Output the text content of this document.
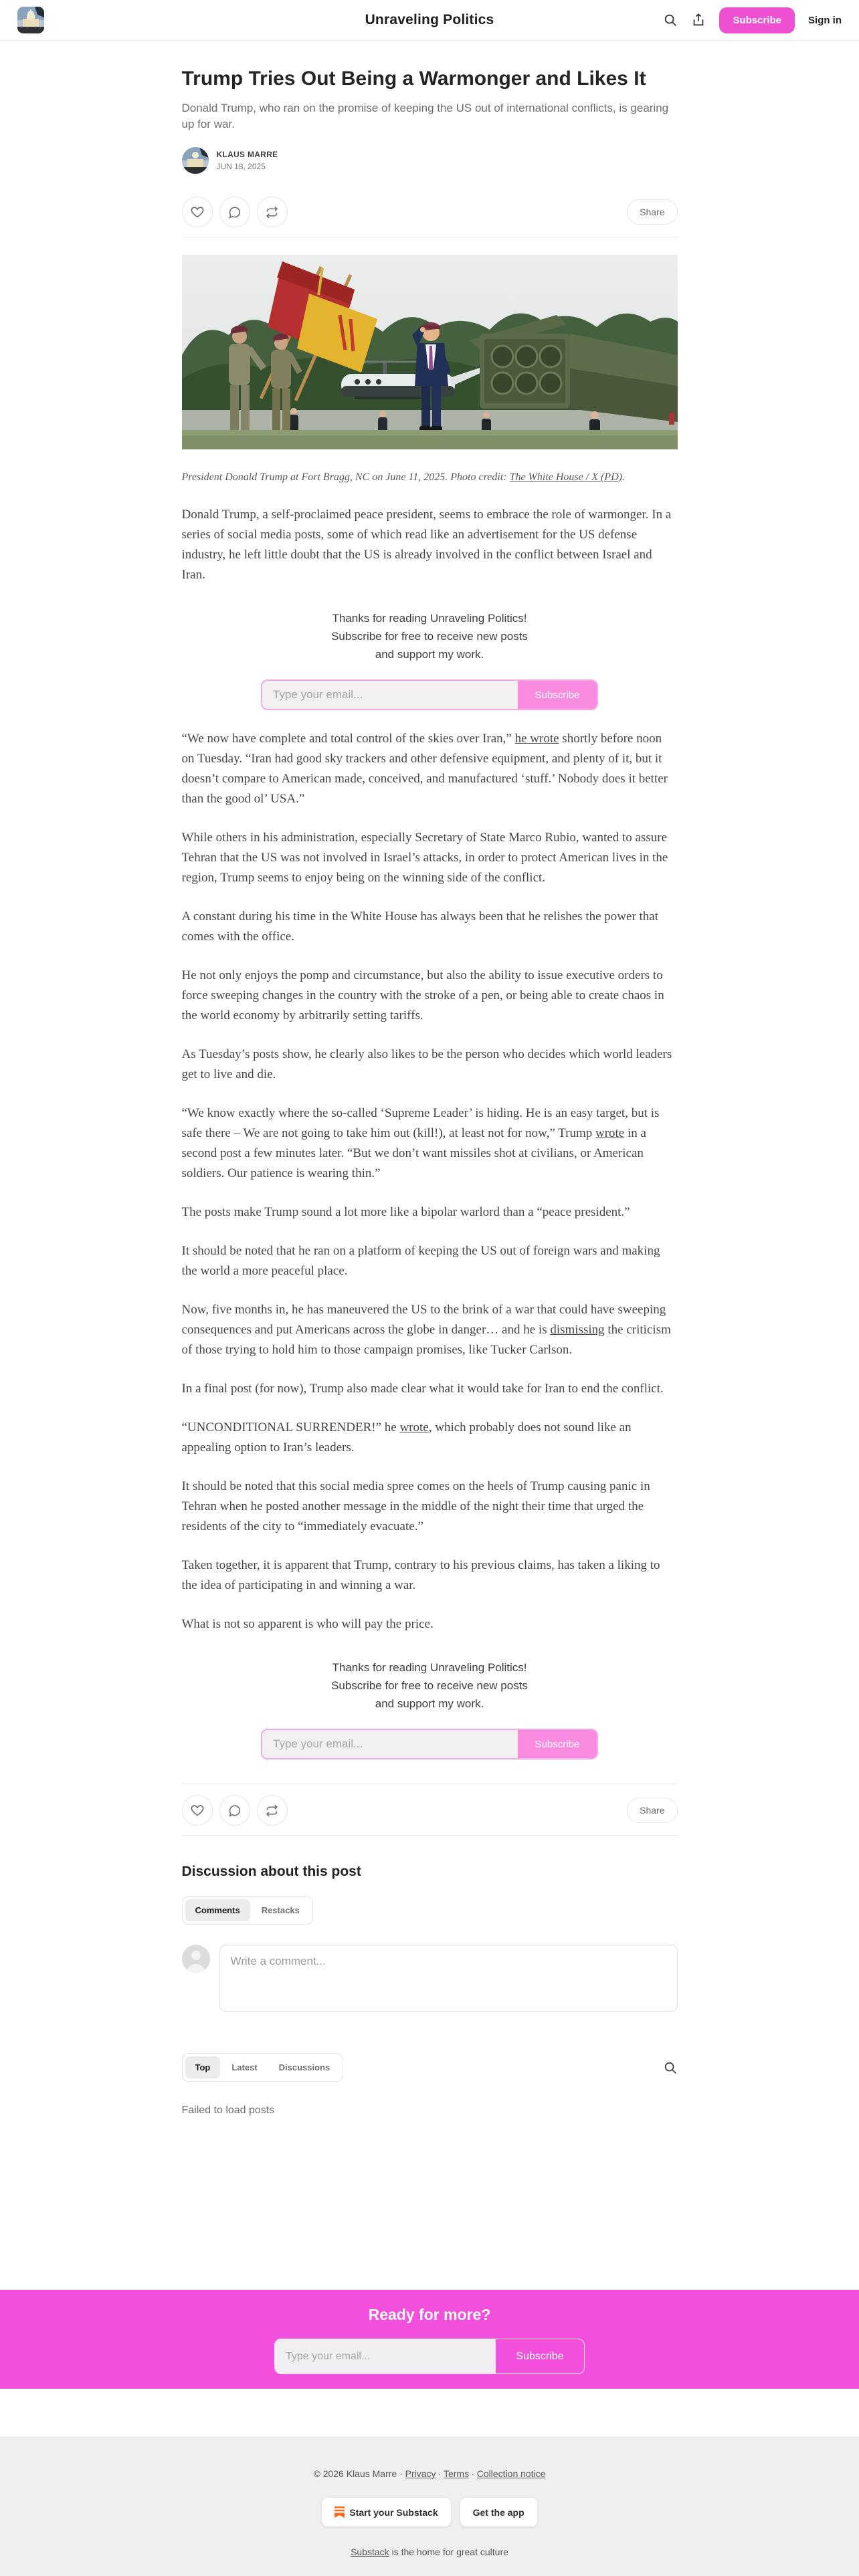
Unraveling Politics	Subscribe	Sign in
Trump Tries Out Being a Warmonger and Likes It
Donald Trump, who ran on the promise of keeping the US out of international conflicts, is gearing up for war.
KLAUS MARRE
JUN 18, 2025
Share
President Donald Trump at Fort Bragg, NC on June 11, 2025. Photo credit: The White House / X (PD).

Donald Trump, a self-proclaimed peace president, seems to embrace the role of warmonger. In a series of social media posts, some of which read like an advertisement for the US defense industry, he left little doubt that the US is already involved in the conflict between Israel and Iran.

Thanks for reading Unraveling Politics!
Subscribe for free to receive new posts
and support my work.
Type your email...
Subscribe

“We now have complete and total control of the skies over Iran,” he wrote shortly before noon on Tuesday. “Iran had good sky trackers and other defensive equipment, and plenty of it, but it doesn’t compare to American made, conceived, and manufactured ‘stuff.’ Nobody does it better than the good ol’ USA.”

While others in his administration, especially Secretary of State Marco Rubio, wanted to assure Tehran that the US was not involved in Israel’s attacks, in order to protect American lives in the region, Trump seems to enjoy being on the winning side of the conflict.

A constant during his time in the White House has always been that he relishes the power that comes with the office.

He not only enjoys the pomp and circumstance, but also the ability to issue executive orders to force sweeping changes in the country with the stroke of a pen, or being able to create chaos in the world economy by arbitrarily setting tariffs.

As Tuesday’s posts show, he clearly also likes to be the person who decides which world leaders get to live and die.

“We know exactly where the so-called ‘Supreme Leader’ is hiding. He is an easy target, but is safe there – We are not going to take him out (kill!), at least not for now,” Trump wrote in a second post a few minutes later. “But we don’t want missiles shot at civilians, or American soldiers. Our patience is wearing thin.”

The posts make Trump sound a lot more like a bipolar warlord than a “peace president.”

It should be noted that he ran on a platform of keeping the US out of foreign wars and making the world a more peaceful place.

Now, five months in, he has maneuvered the US to the brink of a war that could have sweeping consequences and put Americans across the globe in danger… and he is dismissing the criticism of those trying to hold him to those campaign promises, like Tucker Carlson.

In a final post (for now), Trump also made clear what it would take for Iran to end the conflict.

“UNCONDITIONAL SURRENDER!” he wrote, which probably does not sound like an appealing option to Iran’s leaders.

It should be noted that this social media spree comes on the heels of Trump causing panic in Tehran when he posted another message in the middle of the night their time that urged the residents of the city to “immediately evacuate.”

Taken together, it is apparent that Trump, contrary to his previous claims, has taken a liking to the idea of participating in and winning a war.

What is not so apparent is who will pay the price.

Thanks for reading Unraveling Politics!
Subscribe for free to receive new posts
and support my work.
Type your email...
Subscribe
Share
Discussion about this post
Comments	Restacks
Write a comment...
Top	Latest	Discussions
Failed to load posts
Ready for more?
Type your email...
Subscribe
© 2026 Klaus Marre · Privacy ∙ Terms ∙ Collection notice
Start your Substack	Get the app
Substack is the home for great culture
